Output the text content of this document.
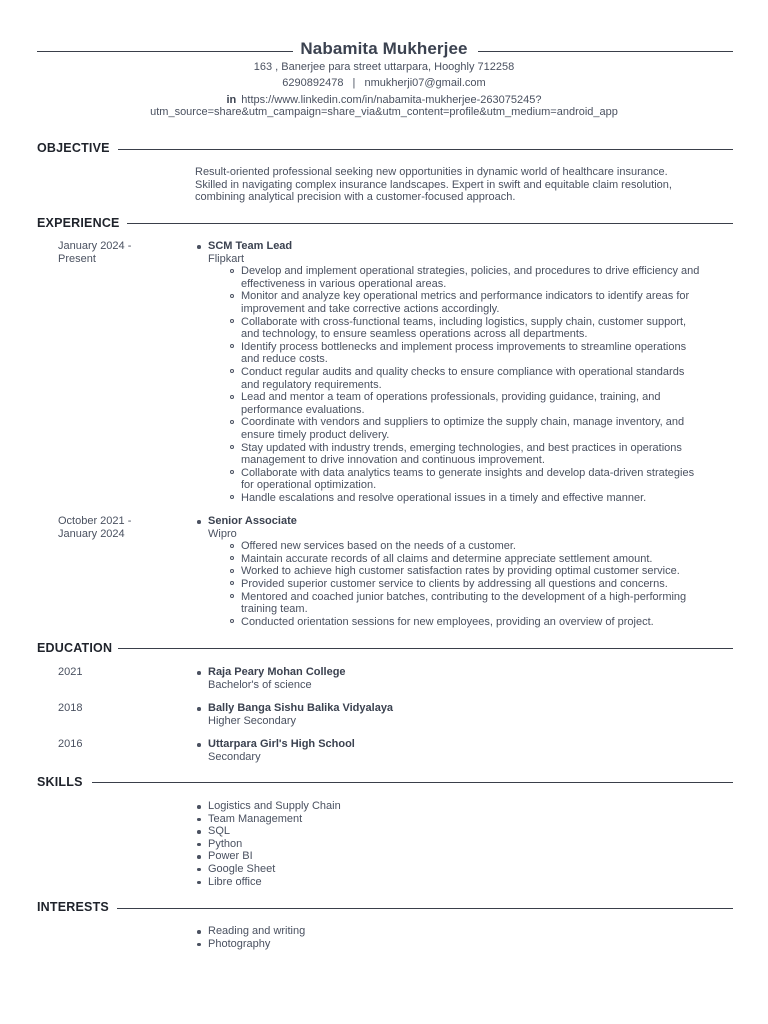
Nabamita Mukherjee
163 , Banerjee para street uttarpara, Hooghly 712258
6290892478 | nmukherji07@gmail.com
in https://www.linkedin.com/in/nabamita-mukherjee-263075245?
utm_source=share&utm_campaign=share_via&utm_content=profile&utm_medium=android_app
OBJECTIVE
Result-oriented professional seeking new opportunities in dynamic world of healthcare insurance.
Skilled in navigating complex insurance landscapes. Expert in swift and equitable claim resolution,
combining analytical precision with a customer-focused approach.
EXPERIENCE
January 2024 -
Present
SCM Team Lead
Flipkart
Develop and implement operational strategies, policies, and procedures to drive efficiency and
effectiveness in various operational areas.
Monitor and analyze key operational metrics and performance indicators to identify areas for
improvement and take corrective actions accordingly.
Collaborate with cross-functional teams, including logistics, supply chain, customer support,
and technology, to ensure seamless operations across all departments.
Identify process bottlenecks and implement process improvements to streamline operations
and reduce costs.
Conduct regular audits and quality checks to ensure compliance with operational standards
and regulatory requirements.
Lead and mentor a team of operations professionals, providing guidance, training, and
performance evaluations.
Coordinate with vendors and suppliers to optimize the supply chain, manage inventory, and
ensure timely product delivery.
Stay updated with industry trends, emerging technologies, and best practices in operations
management to drive innovation and continuous improvement.
Collaborate with data analytics teams to generate insights and develop data-driven strategies
for operational optimization.
Handle escalations and resolve operational issues in a timely and effective manner.
October 2021 -
January 2024
Senior Associate
Wipro
Offered new services based on the needs of a customer.
Maintain accurate records of all claims and determine appreciate settlement amount.
Worked to achieve high customer satisfaction rates by providing optimal customer service.
Provided superior customer service to clients by addressing all questions and concerns.
Mentored and coached junior batches, contributing to the development of a high-performing
training team.
Conducted orientation sessions for new employees, providing an overview of project.
EDUCATION
2021	Raja Peary Mohan College
Bachelor's of science
2018	Bally Banga Sishu Balika Vidyalaya
Higher Secondary
2016	Uttarpara Girl's High School
Secondary
SKILLS
Logistics and Supply Chain
Team Management
SQL
Python
Power BI
Google Sheet
Libre office
INTERESTS
Reading and writing
Photography
